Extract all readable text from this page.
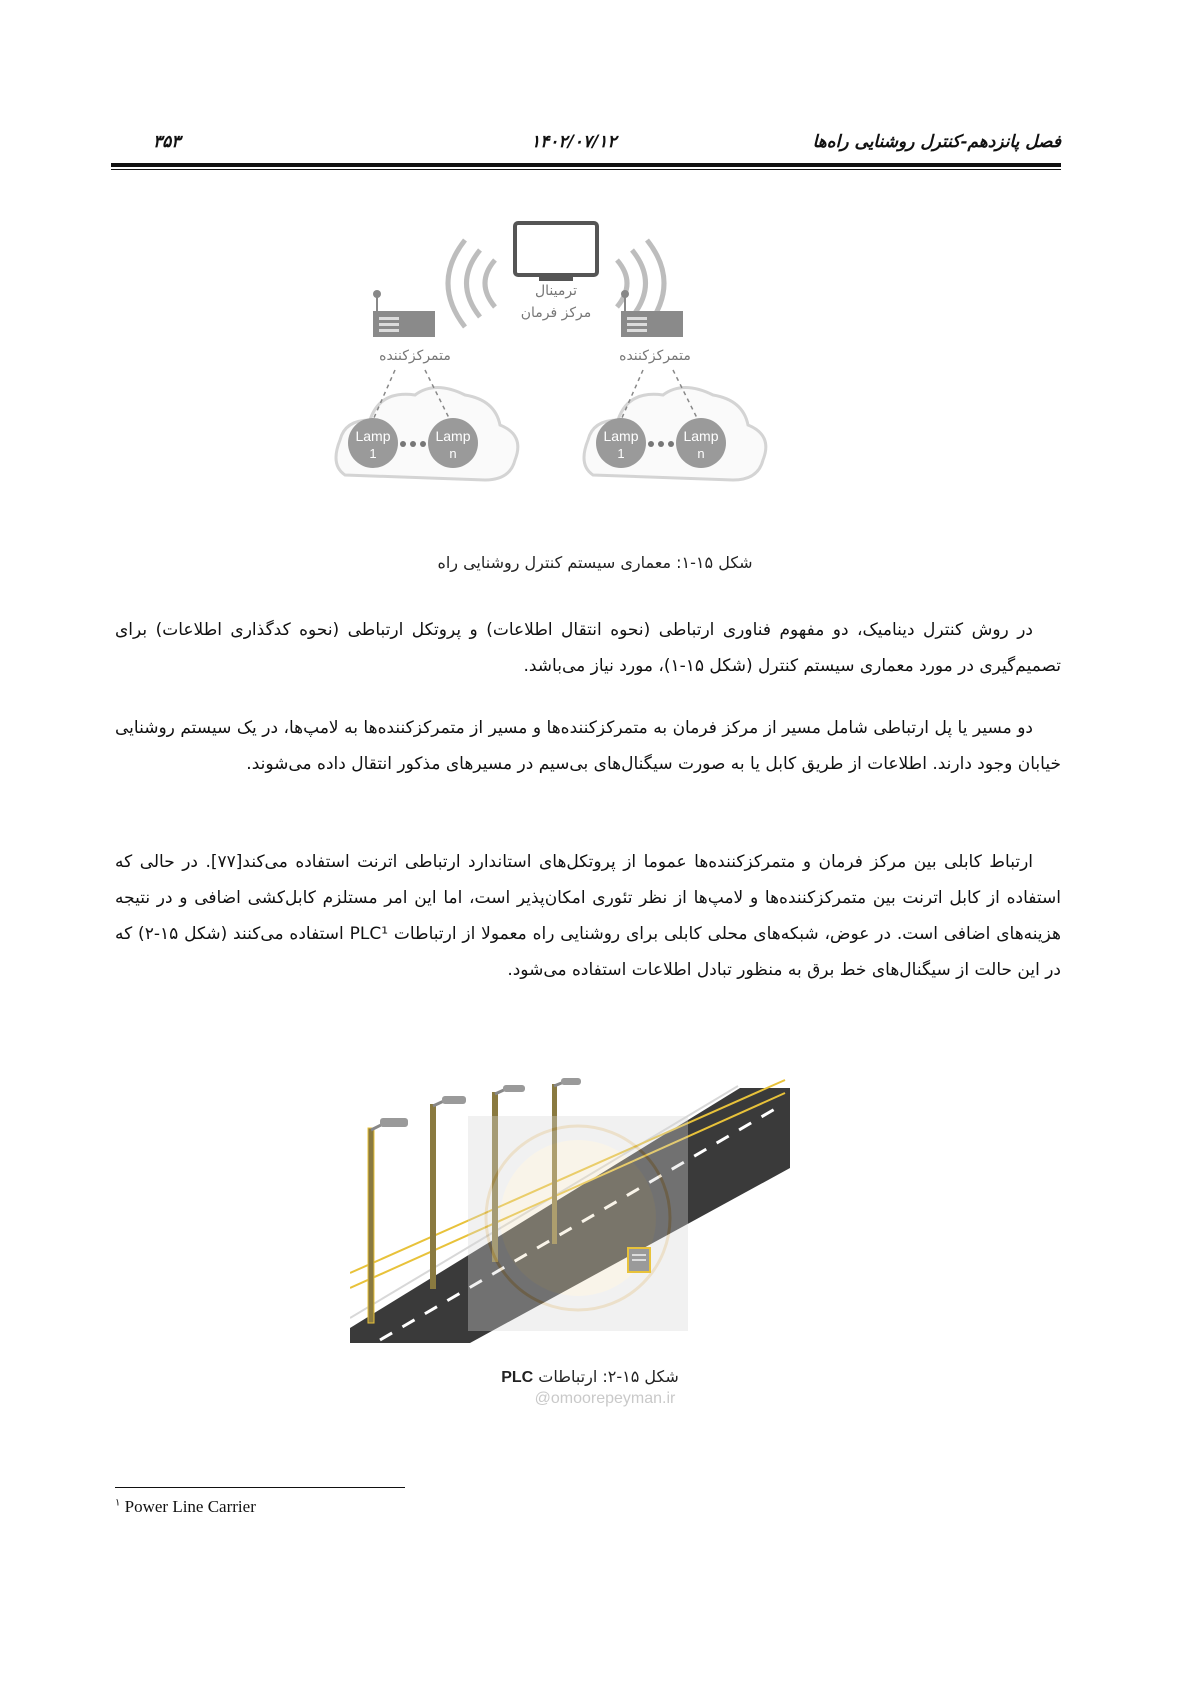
فصل پانزدهم-کنترل روشنایی راه‌ها
۱۴۰۲/۰۷/۱۲
۳۵۳
ترمینال
مرکز فرمان
متمرکزکننده	متمرکزکننده
Lamp
1
Lamp
n
Lamp
1
Lamp
n
شکل ۱۵-۱: معماری سیستم کنترل روشنایی راه

در روش کنترل دینامیک، دو مفهوم فناوری ارتباطی (نحوه انتقال اطلاعات) و پروتکل ارتباطی (نحوه کدگذاری اطلاعات) برای تصمیم‌گیری در مورد معماری سیستم کنترل (شکل ۱۵-۱)، مورد نیاز می‌باشد.

دو مسیر یا پل ارتباطی شامل مسیر از مرکز فرمان به متمرکزکننده‌ها و مسیر از متمرکزکننده‌ها به لامپ‌ها، در یک سیستم روشنایی خیابان وجود دارند. اطلاعات از طریق کابل یا به صورت سیگنال‌های بی‌سیم در مسیرهای مذکور انتقال داده می‌شوند.

ارتباط کابلی بین مرکز فرمان و متمرکزکننده‌ها عموما از پروتکل‌های استاندارد ارتباطی اترنت استفاده می‌کند[۷۷]. در حالی که استفاده از کابل اترنت بین متمرکزکننده‌ها و لامپ‌ها از نظر تئوری امکان‌پذیر است، اما این امر مستلزم کابل‌کشی اضافی و در نتیجه هزینه‌های اضافی است. در عوض، شبکه‌های محلی کابلی برای روشنایی راه معمولا از ارتباطات PLC¹ استفاده می‌کنند (شکل ۱۵-۲) که در این حالت از سیگنال‌های خط برق به منظور تبادل اطلاعات استفاده می‌شود.

شکل ۱۵-۲: ارتباطات PLC
@omoorepeyman.ir
$^۱$ Power Line Carrier
